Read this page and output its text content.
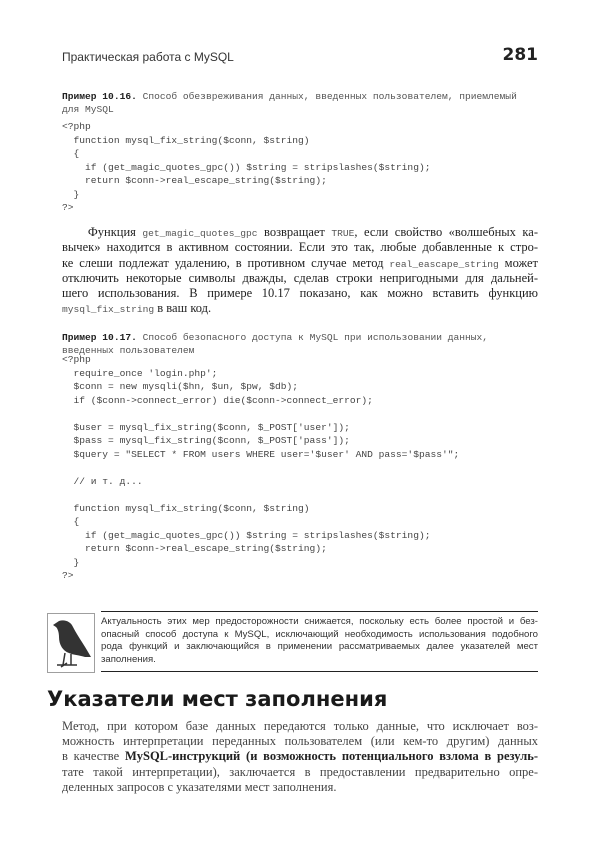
Практическая работа с MySQL	281
Пример 10.16. Способ обезвреживания данных, введенных пользователем, приемлемый
для MySQL
<?php
function mysql_fix_string($conn, $string)
{
if (get_magic_quotes_gpc()) $string = stripslashes($string);
return $conn->real_escape_string($string);
}
?>
Функция get_magic_quotes_gpc возвращает TRUE, если свойство «волшебных ка-
вычек» находится в активном состоянии. Если это так, любые добавленные к стро-
ке слеши подлежат удалению, в противном случае метод real_eascape_string может
отключить некоторые символы дважды, сделав строки непригодными для дальней-
шего использования. В примере 10.17 показано, как можно вставить функцию
mysql_fix_string в ваш код.
Пример 10.17. Способ безопасного доступа к MySQL при использовании данных,
введенных пользователем
<?php
require_once 'login.php';
$conn = new mysqli($hn, $un, $pw, $db);
if ($conn->connect_error) die($conn->connect_error);
$user = mysql_fix_string($conn, $_POST['user']);
$pass = mysql_fix_string($conn, $_POST['pass']);
$query = "SELECT * FROM users WHERE user='$user' AND pass='$pass'";
// и т. д...
function mysql_fix_string($conn, $string)
{
if (get_magic_quotes_gpc()) $string = stripslashes($string);
return $conn->real_escape_string($string);
}
?>
Актуальность этих мер предосторожности снижается, поскольку есть более простой и без-
опасный способ доступа к MySQL, исключающий необходимость использования подобного
рода функций и заключающийся в применении рассматриваемых далее указателей мест
заполнения.
Указатели мест заполнения
Метод, при котором базе данных передаются только данные, что исключает воз-
можность интерпретации переданных пользователем (или кем-то другим) данных
в качестве MySQL-инструкций (и возможность потенциального взлома в резуль-
тате такой интерпретации), заключается в предоставлении предварительно опре-
деленных запросов с указателями мест заполнения.
